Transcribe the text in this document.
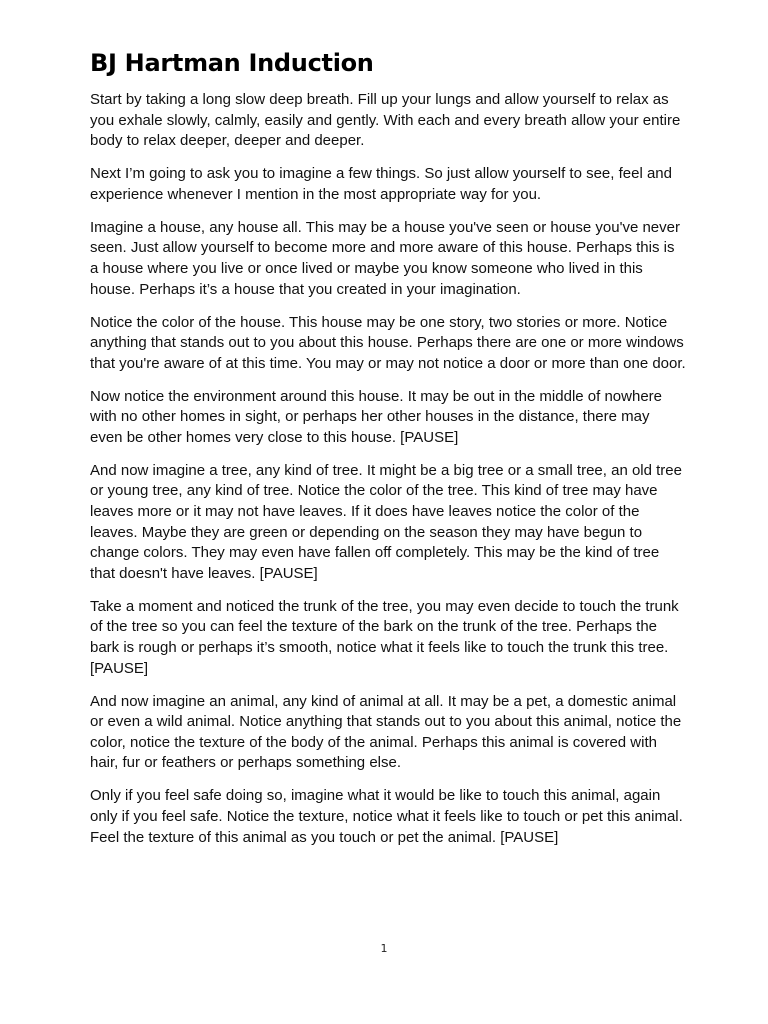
BJ Hartman Induction

Start by taking a long slow deep breath. Fill up your lungs and allow yourself to relax as you exhale slowly, calmly, easily and gently. With each and every breath allow your entire body to relax deeper, deeper and deeper.

Next I’m going to ask you to imagine a few things. So just allow yourself to see, feel and experience whenever I mention in the most appropriate way for you.

Imagine a house, any house all. This may be a house you've seen or house you've never seen. Just allow yourself to become more and more aware of this house. Perhaps this is a house where you live or once lived or maybe you know someone who lived in this house. Perhaps it’s a house that you created in your imagination.

Notice the color of the house. This house may be one story, two stories or more. Notice anything that stands out to you about this house. Perhaps there are one or more windows that you're aware of at this time. You may or may not notice a door or more than one door.

Now notice the environment around this house. It may be out in the middle of nowhere with no other homes in sight, or perhaps her other houses in the distance, there may even be other homes very close to this house. [PAUSE]

And now imagine a tree, any kind of tree. It might be a big tree or a small tree, an old tree or young tree, any kind of tree. Notice the color of the tree. This kind of tree may have leaves more or it may not have leaves. If it does have leaves notice the color of the leaves. Maybe they are green or depending on the season they may have begun to change colors. They may even have fallen off completely. This may be the kind of tree that doesn't have leaves. [PAUSE]

Take a moment and noticed the trunk of the tree, you may even decide to touch the trunk of the tree so you can feel the texture of the bark on the trunk of the tree. Perhaps the bark is rough or perhaps it’s smooth, notice what it feels like to touch the trunk this tree. [PAUSE]

And now imagine an animal, any kind of animal at all. It may be a pet, a domestic animal or even a wild animal. Notice anything that stands out to you about this animal, notice the color, notice the texture of the body of the animal. Perhaps this animal is covered with hair, fur or feathers or perhaps something else.

Only if you feel safe doing so, imagine what it would be like to touch this animal, again only if you feel safe. Notice the texture, notice what it feels like to touch or pet this animal. Feel the texture of this animal as you touch or pet the animal. [PAUSE]

1
